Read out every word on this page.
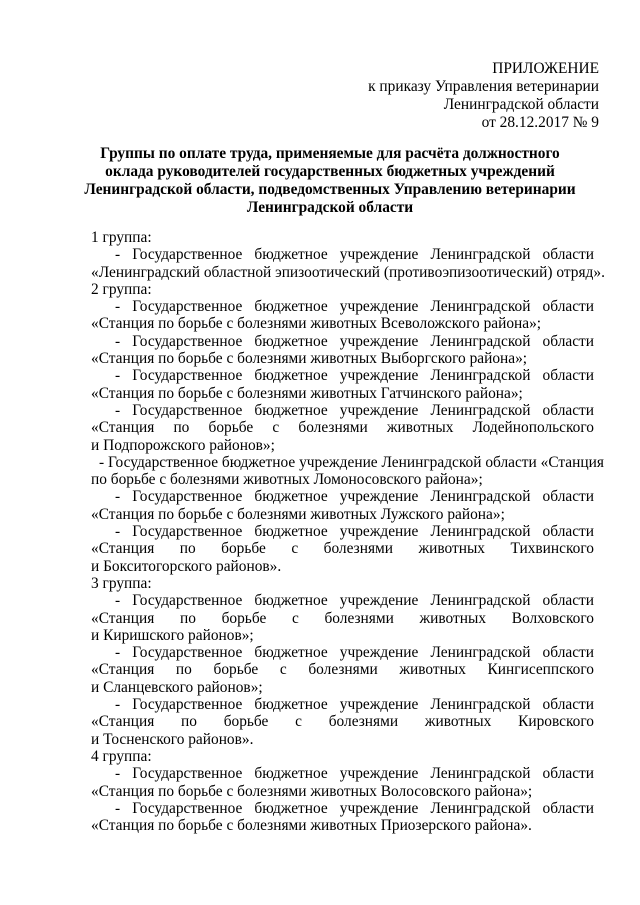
ПРИЛОЖЕНИЕ
к приказу Управления ветеринарии
Ленинградской области
от 28.12.2017 № 9
Группы по оплате труда, применяемые для расчёта должностного
оклада руководителей государственных бюджетных учреждений
Ленинградской области, подведомственных Управлению ветеринарии
Ленинградской области
1 группа:
- Государственное бюджетное учреждение Ленинградской области
«Ленинградский областной эпизоотический (противоэпизоотический) отряд».
2 группа:
- Государственное бюджетное учреждение Ленинградской области
«Станция по борьбе с болезнями животных Всеволожского района»;
- Государственное бюджетное учреждение Ленинградской области
«Станция по борьбе с болезнями животных Выборгского района»;
- Государственное бюджетное учреждение Ленинградской области
«Станция по борьбе с болезнями животных Гатчинского района»;
- Государственное бюджетное учреждение Ленинградской области
«Станция по борьбе с болезнями животных Лодейнопольского
и Подпорожского районов»;
- Государственное бюджетное учреждение Ленинградской области «Станция
по борьбе с болезнями животных Ломоносовского района»;
- Государственное бюджетное учреждение Ленинградской области
«Станция по борьбе с болезнями животных Лужского района»;
- Государственное бюджетное учреждение Ленинградской области
«Станция по борьбе с болезнями животных Тихвинского
и Бокситогорского районов».
3 группа:
- Государственное бюджетное учреждение Ленинградской области
«Станция по борьбе с болезнями животных Волховского
и Киришского районов»;
- Государственное бюджетное учреждение Ленинградской области
«Станция по борьбе с болезнями животных Кингисеппского
и Сланцевского районов»;
- Государственное бюджетное учреждение Ленинградской области
«Станция по борьбе с болезнями животных Кировского
и Тосненского районов».
4 группа:
- Государственное бюджетное учреждение Ленинградской области
«Станция по борьбе с болезнями животных Волосовского района»;
- Государственное бюджетное учреждение Ленинградской области
«Станция по борьбе с болезнями животных Приозерского района».
